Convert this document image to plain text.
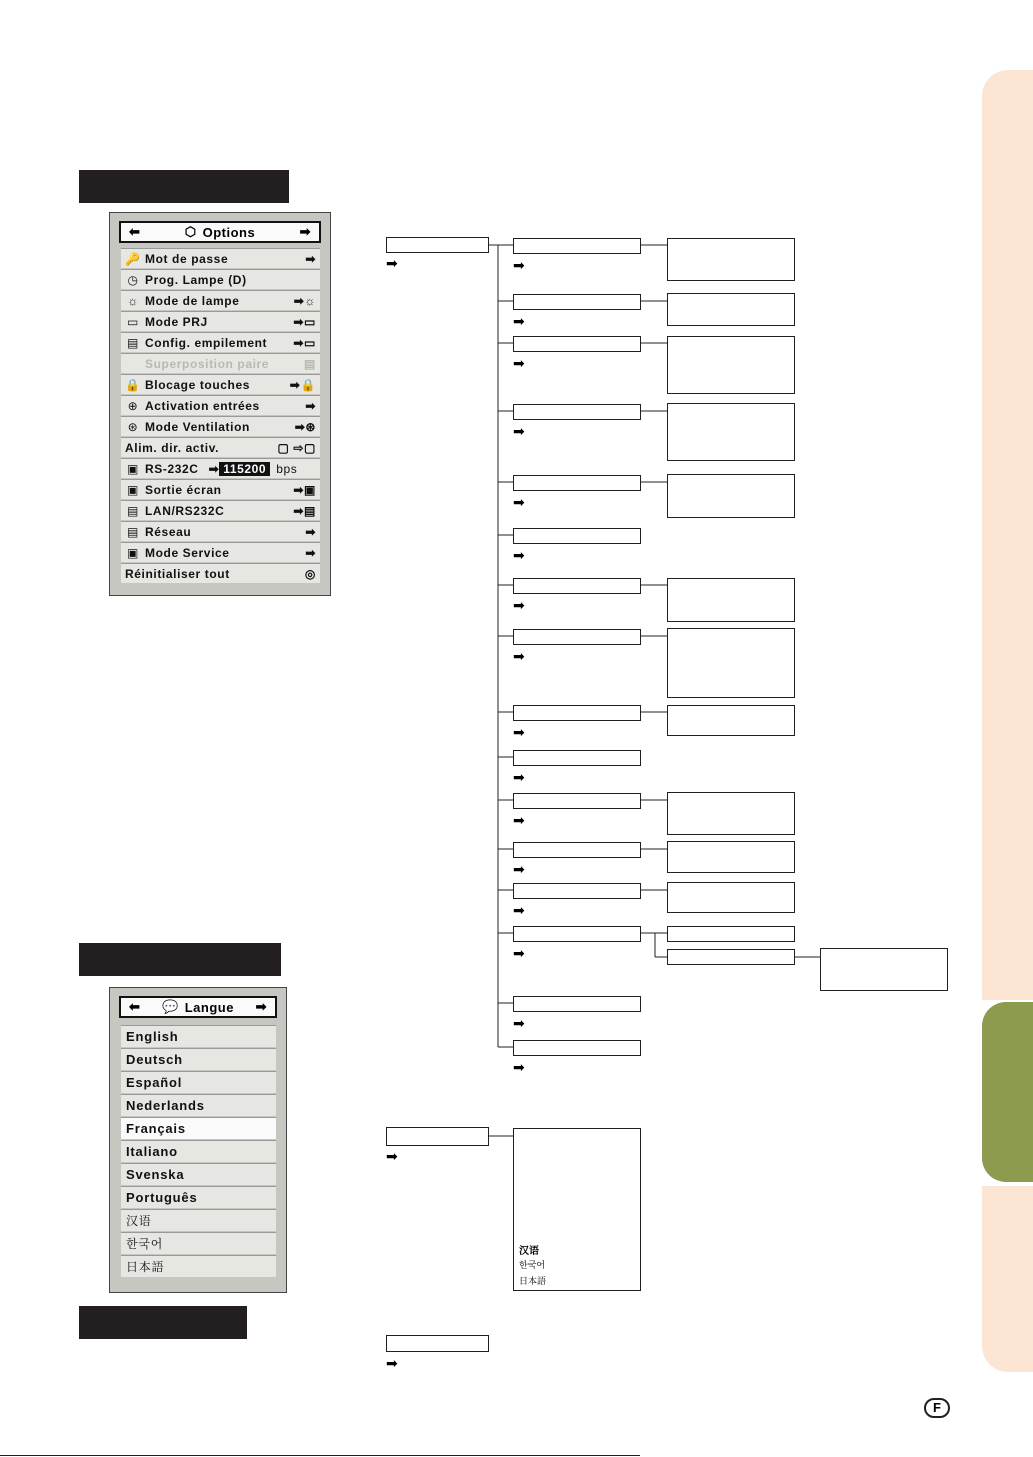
⬅	⬡ Options	➡
🔑 Mot de passe	➡
◷ Prog. Lampe (D)
☼ Mode de lampe	➡☼
▭ Mode PRJ	➡▭
▤ Config. empilement	➡▭
Superposition paire	▤
🔒 Blocage touches	➡🔒
⊕ Activation entrées	➡
⊛ Mode Ventilation	➡⊛
Alim. dir. activ.	▢ ⇨▢
▣ RS-232C ➡ 115200 bps
▣ Sortie écran	➡▣
▤ LAN/RS232C	➡▤
▤ Réseau	➡
▣ Mode Service	➡
Réinitialiser tout	◎
⬅ 💬 Langue ➡
English
Deutsch
Español
Nederlands
Français
Italiano
Svenska
Português
汉语
한국어
日本語
➡	➡
➡
➡
➡
➡
➡
➡
➡
➡
➡
➡
➡
➡
➡
➡
➡
➡
➡
汉语
한국어
日本語
F
